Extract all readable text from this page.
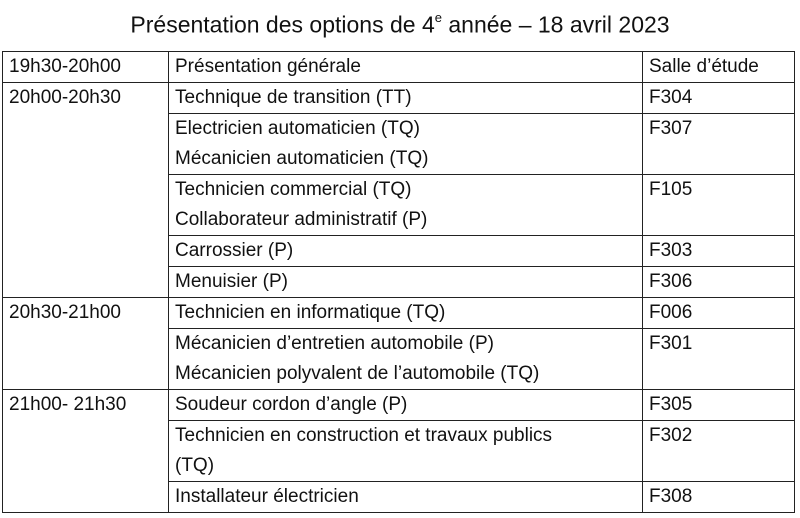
Présentation des options de 4e année – 18 avril 2023
19h30-20h00	Présentation générale	Salle d’étude
20h00-20h30	Technique de transition (TT)	F304

	Electricien automaticien (TQ)
Mécanicien automaticien (TQ)	F307

	Technicien commercial (TQ)
Collaborateur administratif (P)	F105

	Carrossier (P)	F303

	Menuisier (P)	F306
20h30-21h00	Technicien en informatique (TQ)	F006

	Mécanicien d’entretien automobile (P)
Mécanicien polyvalent de l’automobile (TQ)	F301
21h00- 21h30	Soudeur cordon d’angle (P)	F305

	Technicien en construction et travaux publics
(TQ)	F302

	Installateur électricien	F308
